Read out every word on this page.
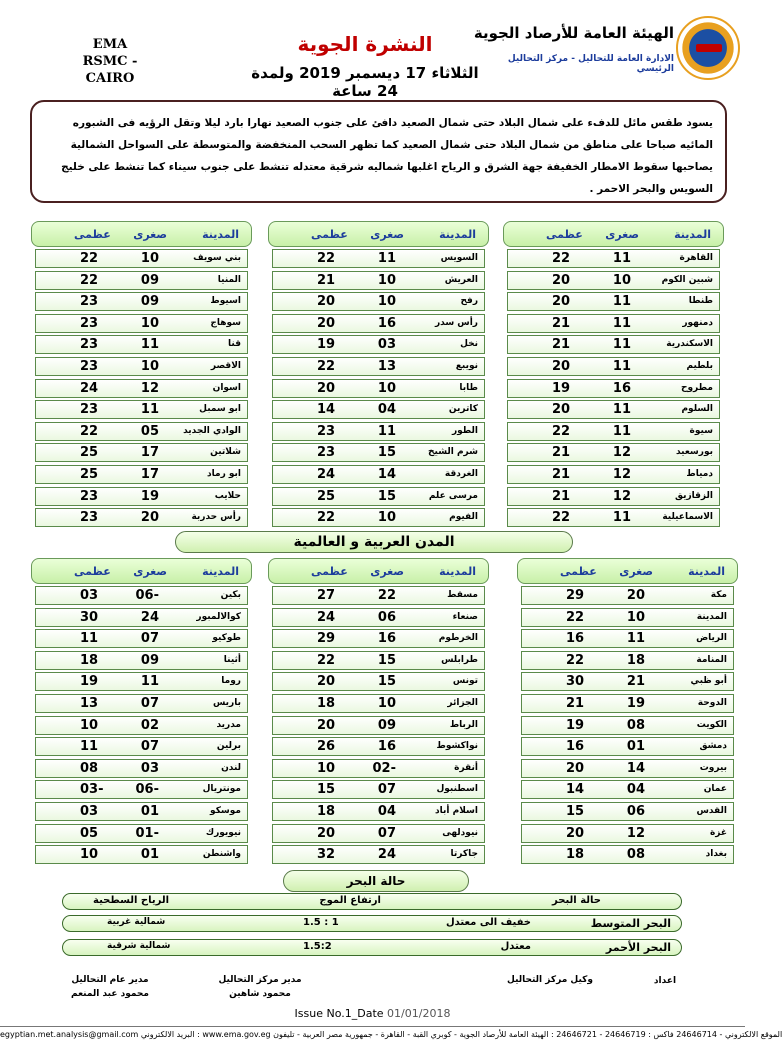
EMA
RSMC - CAIRO
النشرة الجوية
الثلاثاء 17 ديسمبر 2019 ولمدة 24 ساعة
الهيئة العامة للأرصاد الجوية
الادارة العامة للتحاليل - مركز التحاليل الرئيسي

يسود طقس مائل للدفء على شمال البلاد حتى شمال الصعيد دافئ على جنوب الصعيد نهارا بارد ليلا وتقل الرؤيه فى الشبوره المائيه صباحا على مناطق من شمال البلاد حتى شمال الصعيد كما تظهر السحب المنخفضة والمتوسطة على السواحل الشمالية يصاحبها سقوط الامطار الخفيفة جهة الشرق و الرياح اغلبها شماليه شرقية معتدله تنشط على جنوب سيناء كما تنشط على خليج السويس والبحر الاحمر .

المدينة
صغرى
عظمى
القاهرة
11
22
شبين الكوم
10
20
طنطا
11
20
دمنهور
11
21
الاسكندرية
11
21
بلطيم
11
20
مطروح
16
19
السلوم
11
20
سيوة
11
22
بورسعيد
12
21
دمياط
12
21
الزقازيق
12
21
الاسماعيلية
11
22
المدينة
صغرى
عظمى
السويس
11
22
العريش
10
21
رفح
10
20
رأس سدر
16
20
نخل
03
19
نويبع
13
22
طابا
10
20
كاترين
04
14
الطور
11
23
شرم الشيخ
15
23
الغردقة
14
24
مرسى علم
15
25
الفيوم
10
22
المدينة
صغرى
عظمى
بني سويف
10
22
المنيا
09
22
اسيوط
09
23
سوهاج
10
23
قنا
11
23
الاقصر
10
23
اسوان
12
24
ابو سمبل
11
23
الوادي الجديد
05
22
شلاتين
17
25
ابو رماد
17
25
حلايب
19
23
رأس حدربة
20
23
المدن العربية و العالمية
المدينة
صغرى
عظمى
مكة
20
29
المدينة
10
22
الرياض
11
16
المنامة
18
22
أبو ظبي
21
30
الدوحة
19
21
الكويت
08
19
دمشق
01
16
بيروت
14
20
عمان
04
14
القدس
06
15
غزة
12
20
بغداد
08
18
المدينة
صغرى
عظمى
مسقط
22
27
صنعاء
06
24
الخرطوم
16
29
طرابلس
15
22
تونس
15
20
الجزائر
10
18
الرباط
09
20
نواكشوط
16
26
أنقرة
02-
10
اسطنبول
07
15
اسلام أباد
04
18
نيودلهى
07
20
جاكرتا
24
32
المدينة
صغرى
عظمى
بكين
06-
03
كوالالمبور
24
30
طوكيو
07
11
أثينا
09
18
روما
11
19
باريس
07
13
مدريد
02
10
برلين
07
11
لندن
03
08
مونتريال
06-
03-
موسكو
01
03
نيويورك
01-
05
واشنطن
01
10
حالة البحر
حالة البحر
ارتفاع الموج
الرياح السطحية
البحر المتوسط
خفيف الى معتدل
1 : 1.5
شمالية غربية
البحر الأحمر
معتدل
1.5:2
شمالية شرقية
اعداد
وكيل مركز التحاليل
مدير مركز التحاليل
محمود شاهين
مدير عام التحاليل
محمود عبد المنعم
Issue No.1_Date 01/01/2018
egyptian.met.analysis@gmail.com البريد الالكتروني : www.ema.gov.eg الموقع الالكتروني - 24646714 فاكس : 24646719 - 24646721 : الهيئة العامة للأرصاد الجوية - كوبري القبة - القاهرة - جمهورية مصر العربية - تليفون
